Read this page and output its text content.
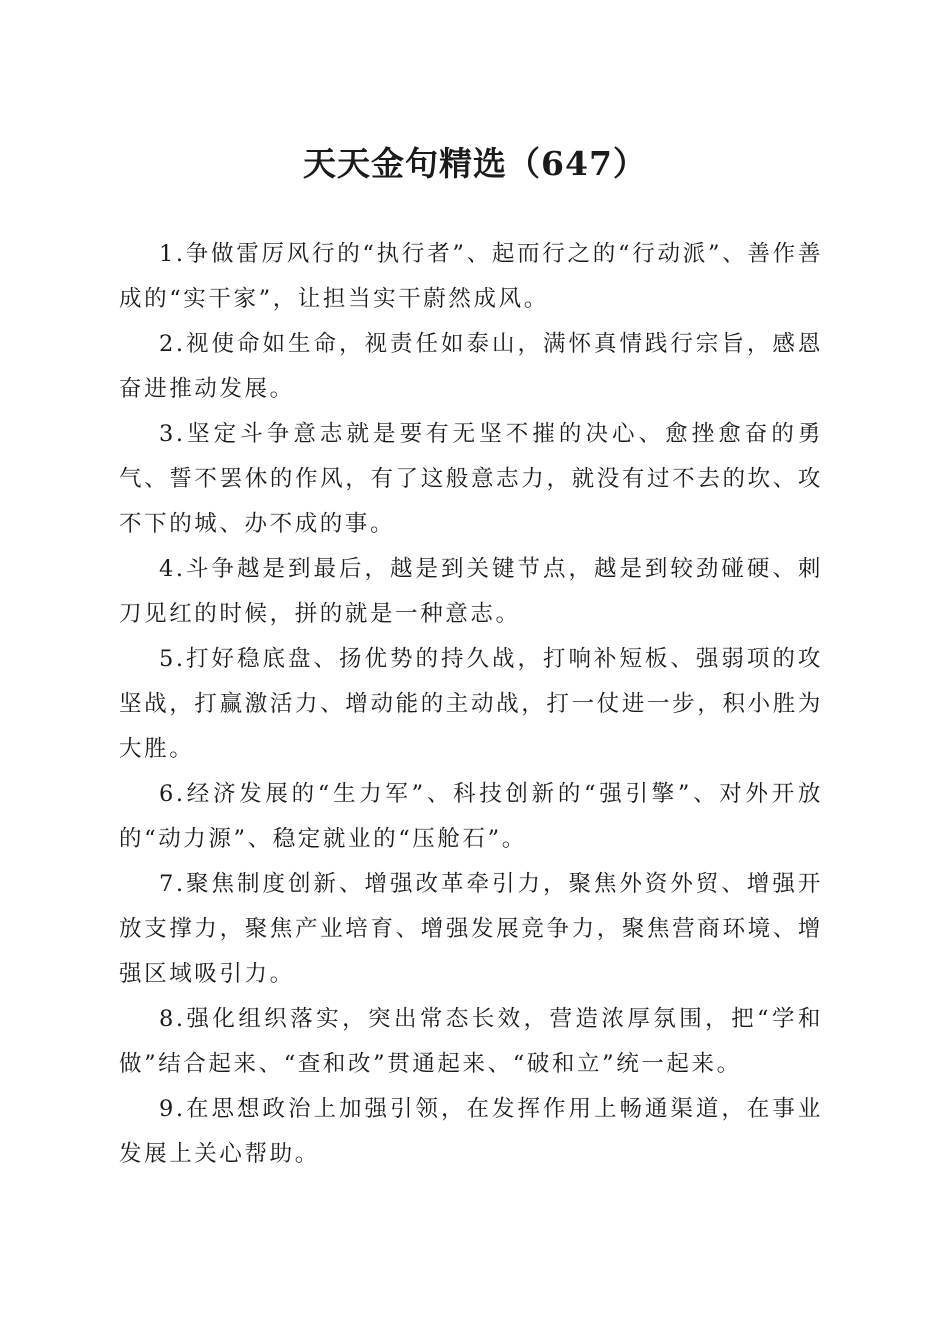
天天金句精选（647）

1.争做雷厉风行的“执行者”、起而行之的“行动派”、善作善成的“实干家”，让担当实干蔚然成风。

2.视使命如生命，视责任如泰山，满怀真情践行宗旨，感恩奋进推动发展。

3.坚定斗争意志就是要有无坚不摧的决心、愈挫愈奋的勇气、誓不罢休的作风，有了这般意志力，就没有过不去的坎、攻不下的城、办不成的事。

4.斗争越是到最后，越是到关键节点，越是到较劲碰硬、刺刀见红的时候，拼的就是一种意志。

5.打好稳底盘、扬优势的持久战，打响补短板、强弱项的攻坚战，打赢激活力、增动能的主动战，打一仗进一步，积小胜为大胜。

6.经济发展的“生力军”、科技创新的“强引擎”、对外开放的“动力源”、稳定就业的“压舱石”。

7.聚焦制度创新、增强改革牵引力，聚焦外资外贸、增强开放支撑力，聚焦产业培育、增强发展竞争力，聚焦营商环境、增强区域吸引力。

8.强化组织落实，突出常态长效，营造浓厚氛围，把“学和做”结合起来、“查和改”贯通起来、“破和立”统一起来。

9.在思想政治上加强引领，在发挥作用上畅通渠道，在事业发展上关心帮助。
